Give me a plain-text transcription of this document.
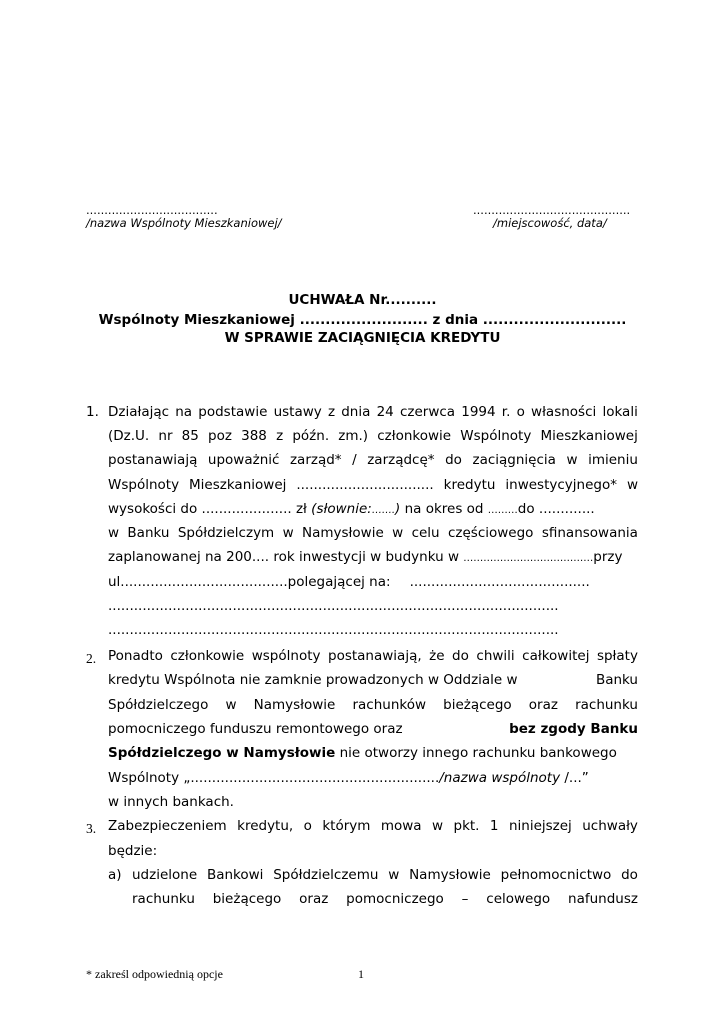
....................................
/nazwa Wspólnoty Mieszkaniowej/
...........................................
/miejscowość, data/
UCHWAŁA Nr..........
Wspólnoty Mieszkaniowej ......................... z dnia ............................
W SPRAWIE ZACIĄGNIĘCIA KREDYTU
1. Działając na podstawie ustawy z dnia 24 czerwca 1994 r. o własności lokali
(Dz.U. nr 85 poz 388 z późn. zm.) członkowie Wspólnoty Mieszkaniowej
postanawiają upoważnić zarząd* / zarządcę* do zaciągnięcia w imieniu
Wspólnoty Mieszkaniowej ................................ kredytu inwestycyjnego* w
wysokości do ..................... zł (słownie:…….) na okres od ………do .............
w Banku Spółdzielczym w Namysłowie w celu częściowego sfinansowania
zaplanowanej na 200.... rok inwestycji w budynku w …………………………………przy
ul.......................................polegającej na: ..........................................
.........................................................................................................
.........................................................................................................
2. Ponadto członkowie wspólnoty postanawiają, że do chwili całkowitej spłaty
kredytu Wspólnota nie zamknie prowadzonych w Oddziale w	Banku
Spółdzielczego w Namysłowie rachunków bieżącego oraz rachunku
pomocniczego funduszu remontowego oraz	bez zgody Banku
Spółdzielczego w Namysłowie nie otworzy innego rachunku bankowego
Wspólnoty „........................................................../nazwa wspólnoty /...”
w innych bankach.
3. Zabezpieczeniem kredytu, o którym mowa w pkt. 1 niniejszej uchwały
będzie:
a) udzielone Bankowi Spółdzielczemu w Namysłowie pełnomocnictwo do
rachunku bieżącego oraz pomocniczego – celowego nafundusz
* zakreśl odpowiednią opcje	1
